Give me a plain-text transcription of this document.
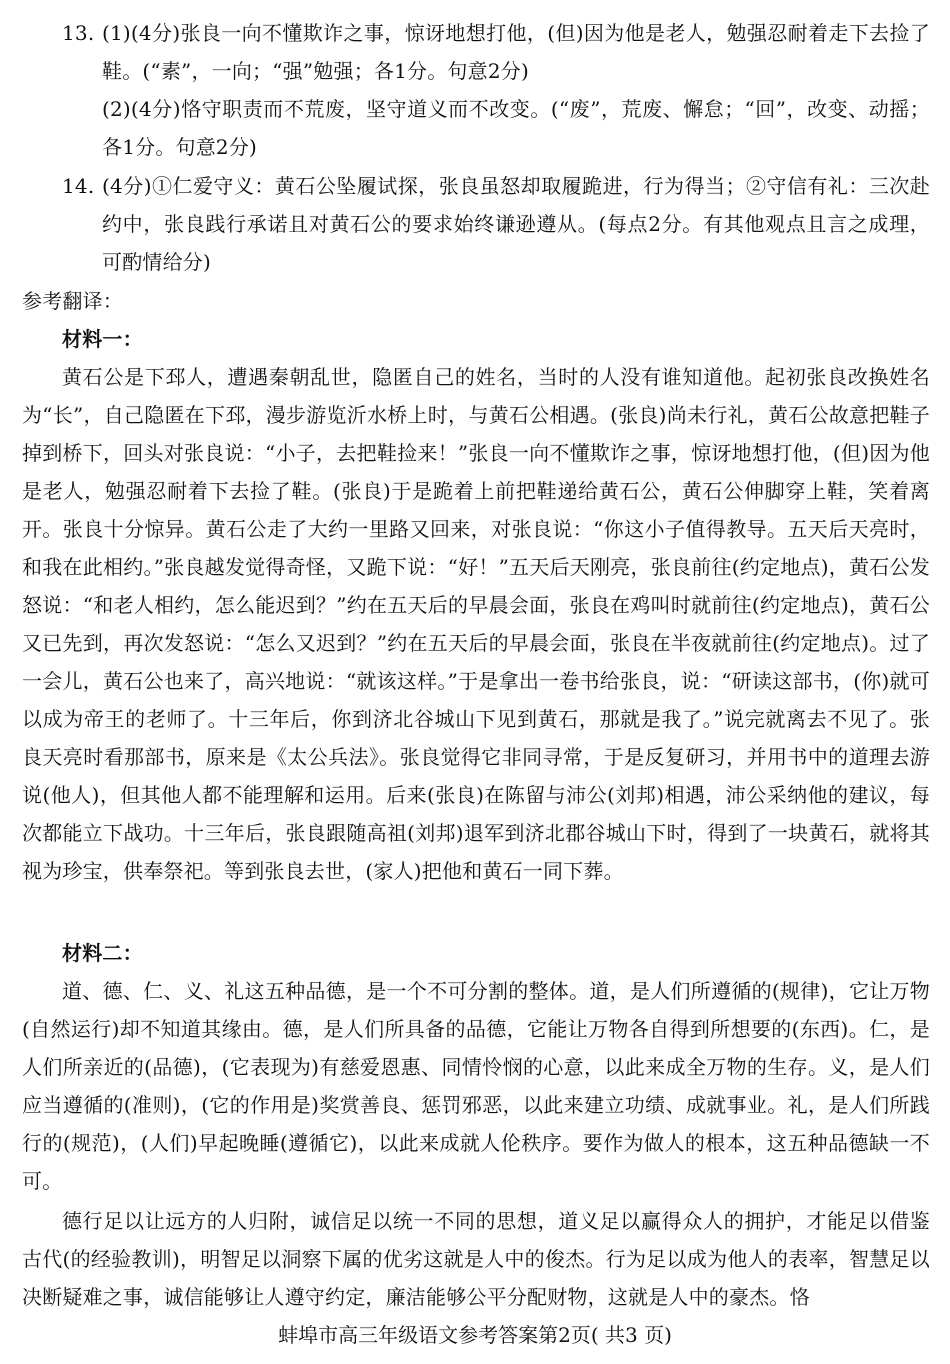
13. (1)(4分)张良一向不懂欺诈之事，惊讶地想打他，(但)因为他是老人，勉强忍耐着走下去捡了鞋。(“素”，一向；“强”勉强；各1分。句意2分)
(2)(4分)恪守职责而不荒废，坚守道义而不改变。(“废”，荒废、懈怠；“回”，改变、动摇；各1分。句意2分)
14. (4分)①仁爱守义：黄石公坠履试探，张良虽怒却取履跪进，行为得当；②守信有礼：三次赴约中，张良践行承诺且对黄石公的要求始终谦逊遵从。(每点2分。有其他观点且言之成理，可酌情给分)
参考翻译：
材料一：
黄石公是下邳人，遭遇秦朝乱世，隐匿自己的姓名，当时的人没有谁知道他。起初张良改换姓名为“长”，自己隐匿在下邳，漫步游览沂水桥上时，与黄石公相遇。(张良)尚未行礼，黄石公故意把鞋子掉到桥下，回头对张良说：“小子，去把鞋捡来！”张良一向不懂欺诈之事，惊讶地想打他，(但)因为他是老人，勉强忍耐着下去捡了鞋。(张良)于是跪着上前把鞋递给黄石公，黄石公伸脚穿上鞋，笑着离开。张良十分惊异。黄石公走了大约一里路又回来，对张良说：“你这小子值得教导。五天后天亮时，和我在此相约。”张良越发觉得奇怪，又跪下说：“好！”五天后天刚亮，张良前往(约定地点)，黄石公发怒说：“和老人相约，怎么能迟到？”约在五天后的早晨会面，张良在鸡叫时就前往(约定地点)，黄石公又已先到，再次发怒说：“怎么又迟到？”约在五天后的早晨会面，张良在半夜就前往(约定地点)。过了一会儿，黄石公也来了，高兴地说：“就该这样。”于是拿出一卷书给张良，说：“研读这部书，(你)就可以成为帝王的老师了。十三年后，你到济北谷城山下见到黄石，那就是我了。”说完就离去不见了。张良天亮时看那部书，原来是《太公兵法》。张良觉得它非同寻常，于是反复研习，并用书中的道理去游说(他人)，但其他人都不能理解和运用。后来(张良)在陈留与沛公(刘邦)相遇，沛公采纳他的建议，每次都能立下战功。十三年后，张良跟随高祖(刘邦)退军到济北郡谷城山下时，得到了一块黄石，就将其视为珍宝，供奉祭祀。等到张良去世，(家人)把他和黄石一同下葬。
材料二：
道、德、仁、义、礼这五种品德，是一个不可分割的整体。道，是人们所遵循的(规律)，它让万物(自然运行)却不知道其缘由。德，是人们所具备的品德，它能让万物各自得到所想要的(东西)。仁，是人们所亲近的(品德)，(它表现为)有慈爱恩惠、同情怜悯的心意，以此来成全万物的生存。义，是人们应当遵循的(准则)，(它的作用是)奖赏善良、惩罚邪恶，以此来建立功绩、成就事业。礼，是人们所践行的(规范)，(人们)早起晚睡(遵循它)，以此来成就人伦秩序。要作为做人的根本，这五种品德缺一不可。
德行足以让远方的人归附，诚信足以统一不同的思想，道义足以赢得众人的拥护，才能足以借鉴古代(的经验教训)，明智足以洞察下属的优劣这就是人中的俊杰。行为足以成为他人的表率，智慧足以决断疑难之事，诚信能够让人遵守约定，廉洁能够公平分配财物，这就是人中的豪杰。恪
蚌埠市高三年级语文参考答案第2页( 共3 页)
